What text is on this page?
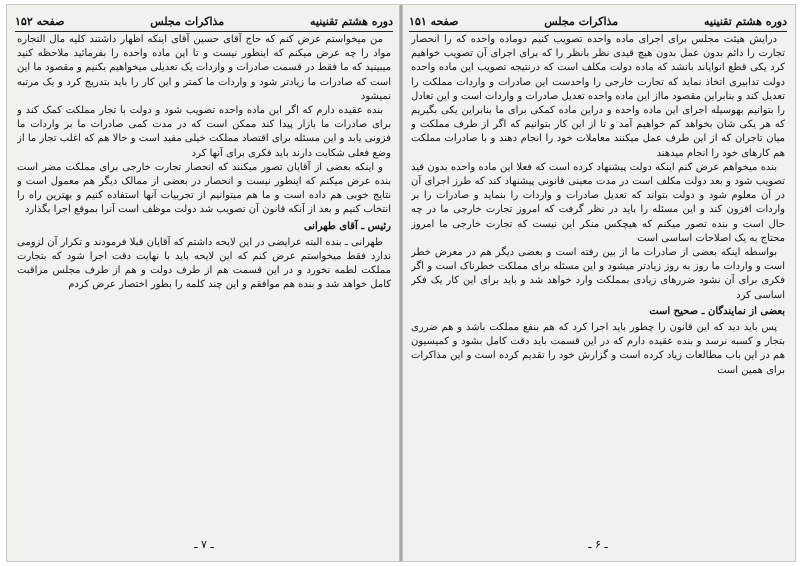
دوره هشتم تقنینیه
مذاکرات مجلس
صفحه ۱۵۲

من میخواستم عرض کنم که حاج آقای حسین آقای اینکه اظهار داشتند کلیه مال التجاره مواد را چه عرض میکنم که اینطور نیست و تا این ماده واحده را بفرمائید ملاحظه کنید میبینید که ما فقط در قسمت صادرات و واردات یک تعدیلی میخواهیم بکنیم و مقصود ما این است که صادرات ما زیادتر شود و واردات ما کمتر و این کار را باید بتدریج کرد و یک مرتبه نمیشود

بنده عقیده دارم که اگر این ماده واحده تصویب شود و دولت با تجار مملکت کمک کند و برای صادرات ما بازار پیدا کند ممکن است که در مدت کمی صادرات ما بر واردات ما فزونی یابد و این مسئله برای اقتصاد مملکت خیلی مفید است و حالا هم که اغلب تجار ما از وضع فعلی شکایت دارند باید فکری برای آنها کرد

و اینکه بعضی از آقایان تصور میکنند که انحصار تجارت خارجی برای مملکت مضر است بنده عرض میکنم که اینطور نیست و انحصار در بعضی از ممالک دیگر هم معمول است و نتایج خوبی هم داده است و ما هم میتوانیم از تجربیات آنها استفاده کنیم و بهترین راه را انتخاب کنیم و بعد از آنکه قانون آن تصویب شد دولت موظف است آنرا بموقع اجرا بگذارد

رئیس ـ آقای طهرانی

طهرانی ـ بنده البته عرایضی در این لایحه داشتم که آقایان قبلا فرمودند و تکرار آن لزومی ندارد فقط میخواستم عرض کنم که این لایحه باید با نهایت دقت اجرا شود که بتجارت مملکت لطمه نخورد و در این قسمت هم از طرف دولت و هم از طرف مجلس مراقبت کامل خواهد شد و بنده هم موافقم و این چند کلمه را بطور اختصار عرض کردم

ـ ۷ ـ
دوره هشتم تقنینیه
مذاکرات مجلس
صفحه ۱۵۱

درایش هیئت مجلس برای اجرای ماده واحده تصویب کنیم دوماده واحده که را انحصار تجارت را دائم بدون عمل بدون هیچ قیدی نظر بانظر را که برای اجرای آن تصویب خواهیم کرد یکی قطع انوایاند بانشد که ماده دولت مکلف است که درنتیجه تصویب این ماده واحده دولت تدابیری اتخاذ نماید که تجارت خارجی را واحدست این صادرات و واردات مملکت را تعدیل کند و بنابراین مقصود مااز این ماده واحده تعدیل صادرات و واردات است و این تعادل را بتوانیم بهوسیله اجرای این ماده واحده و دراین ماده کمکی برای ما بنابراین یکی بگیریم که هر یکی شان بخواهد کم خواهیم آمد و تا از این کار بتوانیم که اگر از طرف مملکت و میان تاجران که از این طرف عمل میکنند معاملات خود را انجام دهند و با صادرات مملکت هم کارهای خود را انجام میدهند

بنده میخواهم عرض کنم اینکه دولت پیشنهاد کرده است که فعلا این ماده واحده بدون قید تصویب شود و بعد دولت مکلف است در مدت معینی قانونی پیشنهاد کند که طرز اجرای آن در آن معلوم شود و دولت بتواند که تعدیل صادرات و واردات را بنماید و صادرات را بر واردات افزون کند و این مسئله را باید در نظر گرفت که امروز تجارت خارجی ما در چه حال است و بنده تصور میکنم که هیچکس منکر این نیست که تجارت خارجی ما امروز محتاج به یک اصلاحات اساسی است

بواسطه اینکه بعضی از صادرات ما از بین رفته است و بعضی دیگر هم در معرض خطر است و واردات ما روز به روز زیادتر میشود و این مسئله برای مملکت خطرناک است و اگر فکری برای آن نشود ضررهای زیادی بمملکت وارد خواهد شد و باید برای این کار یک فکر اساسی کرد

بعضی از نمایندگان ـ صحیح است

پس باید دید که این قانون را چطور باید اجرا کرد که هم بنفع مملکت باشد و هم ضرری بتجار و کسبه نرسد و بنده عقیده دارم که در این قسمت باید دقت کامل بشود و کمیسیون هم در این باب مطالعات زیاد کرده است و گزارش خود را تقدیم کرده است و این مذاکرات برای همین است

ـ ۶ ـ
